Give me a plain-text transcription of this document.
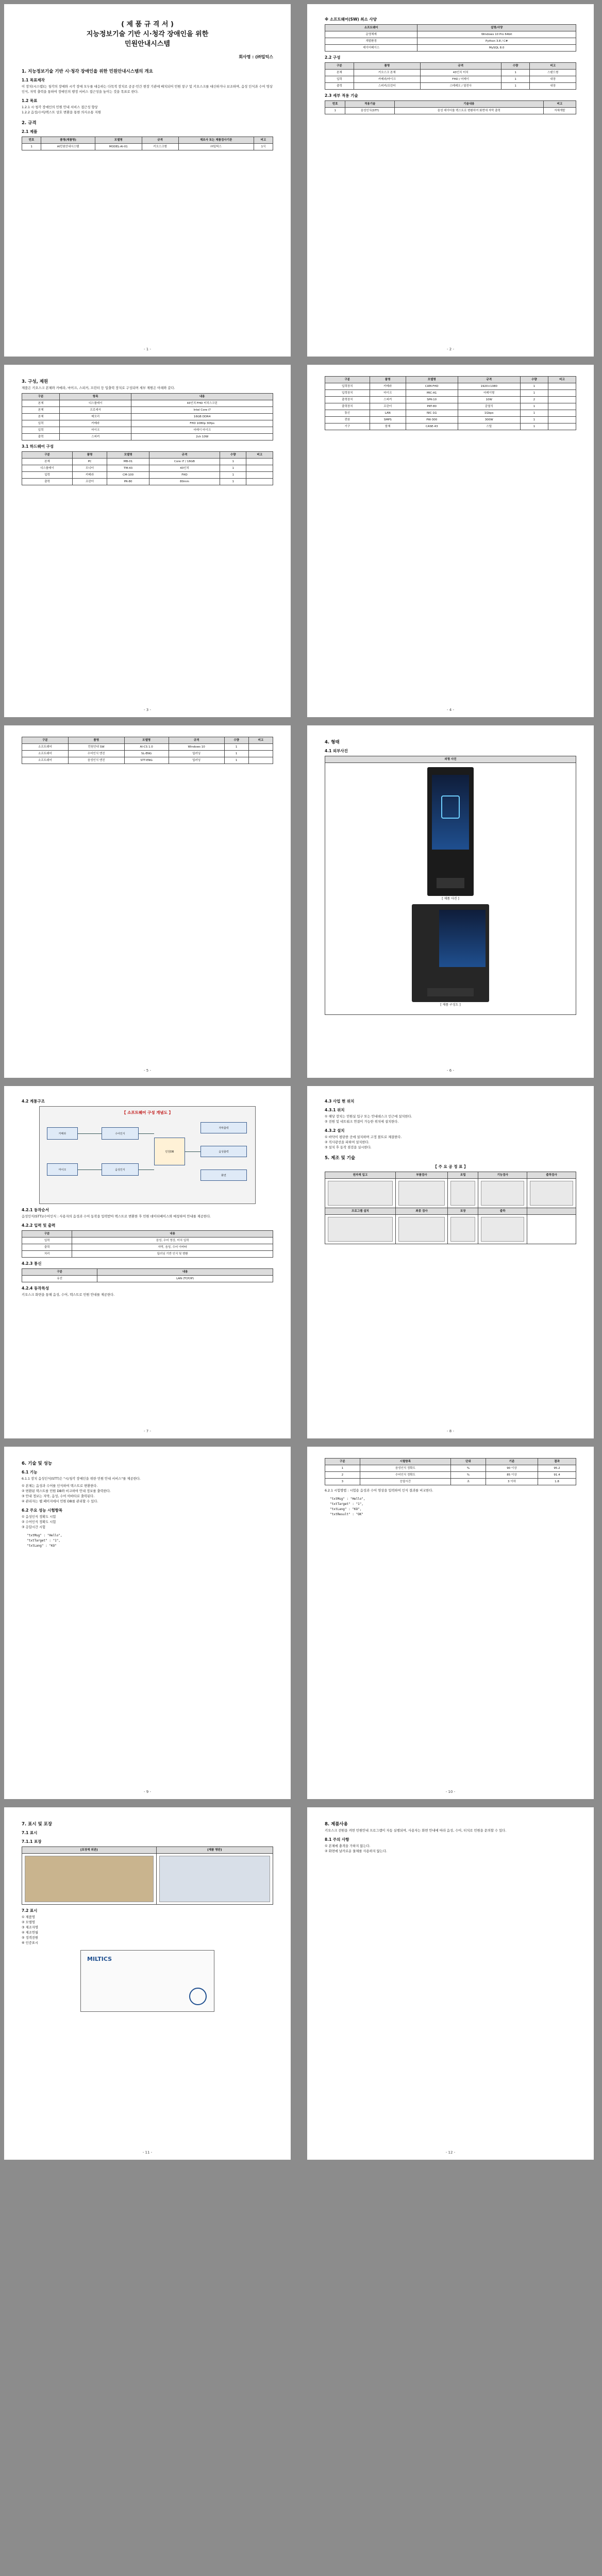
( 제 품 규 격 서 )
지능정보기술 기반 시·청각 장애인을 위한
민원안내시스템
회사명 : (㈜밀틱스
1. 지능정보기술 기반 시·청각 장애인을 위한 민원안내시스템의 개요
1.1 목표제작
이 장치(시스템)는 청각의 장애와 시각 장애 모두를 대응하는 다목적 장치로 공공·민간 현장 기관에 배치되어 민원 창구 및 키오스크를 대신하거나 보조하며, 음성 인식과 수어 영상 인식, 자막 출력을 통하여 장애인의 행정 서비스 접근성을 높이는 것을 목표로 한다.
1.2 목표
1.2.1 시·청각 장애인의 민원 안내 서비스 접근성 향상
1.2.2 음성/수어/텍스트 상호 변환을 통한 의사소통 지원
2. 규격
2.1 제품
번호	품명(제품명)	모델명	규격	제조사 또는 제품검사기관	비고
1	AI민원안내시스템	MODEL-AI-01	키오스크형	㈜밀틱스	1식
- 1 -
※ 소프트웨어(SW) 최소 사양
소프트웨어	설명/사양
운영체제	Windows 10 Pro 64bit
개발환경	Python 3.8 / C#
데이터베이스	MySQL 8.0
2.2 구성
구분	품명	규격	수량	비고
본체	키오스크 본체	43인치 터치	1	스탠드형
입력	카메라/마이크	FHD / 어레이	1	내장
출력	스피커/프린터	스테레오 / 열전사	1	내장
2.3 세부 적용 기술
번호	적용기술	기술내용	비고
1	음성인식(STT)	음성 데이터를 텍스트로 변환하여 화면에 자막 출력	자체개발
- 2 -
3. 구성, 제원
제품은 키오스크 본체와 카메라, 마이크, 스피커, 프린터 등 입출력 장치로 구성되며 세부 제원은 아래와 같다.
구분	항목	내용
본체	디스플레이	43인치 FHD 터치스크린
본체	프로세서	Intel Core i7
본체	메모리	16GB DDR4
입력	카메라	FHD 1080p 30fps
입력	마이크	어레이 마이크
출력	스피커	2ch 10W
3.1 하드웨어 구성
구분	품명	모델명	규격	수량	비고
본체	PC	MB-01	Core i7 / 16GB	1	
디스플레이	모니터	TM-43	43인치	1	
입력	카메라	CM-100	FHD	1	
출력	프린터	PR-80	80mm	1	
- 3 -
구분	품명	모델명	규격	수량	비고
입력장치	카메라	CAM-FHD	1920×1080	1	
입력장치	마이크	MIC-A1	어레이형	1	
출력장치	스피커	SPK-10	10W	2	
출력장치	프린터	PRT-80	감열식	1	
통신	LAN	NIC-1G	1Gbps	1	
전원	SMPS	PW-300	300W	1	
기구	함체	CASE-43	스틸	1	
- 4 -
구분	품명	모델명	규격	수량	비고
소프트웨어	민원안내 SW	AI-CS 1.0	Windows 10	1	
소프트웨어	수어인식 엔진	SL-ENG	딥러닝	1	
소프트웨어	음성인식 엔진	STT-ENG	딥러닝	1	
- 5 -
4. 형태
4.1 외부사진
외형 사진

[ 제품 사진 ]
[ 제품 구성도 ]
- 6 -
4.2 계통구조
【 소프트웨어 구성 개념도 】
카메라
마이크
수어인식
음성인식
민원DB
자막출력
음성출력
화면
4.2.1 동작순서
음성인식(STT)/수어인식 : 사용자의 음성과 수어 동작을 입력받아 텍스트로 변환한 후 민원 데이터베이스와 매칭하여 안내를 제공한다.
4.2.2 입력 및 출력
구분	내용
입력	음성, 수어 영상, 터치 입력
출력	자막, 음성, 수어 아바타
처리	딥러닝 기반 인식 및 변환
4.2.3 통신
구분	내용
유선	LAN (TCP/IP)
4.2.4 동작특성
키오스크 화면을 통해 음성, 수어, 텍스트로 민원 안내를 제공한다.
- 7 -
4.3 사업 현 위치
4.3.1 위치
① 해당 장치는 민원실 입구 또는 안내데스크 인근에 설치한다.
② 전원 및 네트워크 연결이 가능한 위치에 설치한다.
4.3.2 설치
① 바닥이 평탄한 곳에 설치하며 고정 볼트로 체결한다.
② 직사광선을 피하여 설치한다.
③ 설치 후 동작 점검을 실시한다.
5. 제조 및 기술
【 주 요 공 정 표 】
원자재 입고	부품검사	조립	기능검사	출하검사

프로그램 설치	최종 검사	포장	출하	

- 8 -
6. 기술 및 성능
6.1 기능
6.1.1 장치 음성인식(STT)은 "시/청각 장애인을 위한 민원 안내 서비스"를 제공한다.
① 본체는 음성과 수어를 인식하여 텍스트로 변환한다.
② 변환된 텍스트를 민원 DB와 비교하여 안내 정보를 출력한다.
③ 안내 정보는 자막, 음성, 수어 아바타로 출력된다.
④ 관리자는 웹 페이지에서 민원 DB를 관리할 수 있다.
6.2 주요 성능 시험항목
① 음성인식 정확도 시험
② 수어인식 정확도 시험
③ 응답시간 시험
"txtMsg" : "Hello",
"txtTarget" : "1",
"txtLang" : "KO"
- 9 -
구분	시험항목	단위	기준	결과
1	음성인식 정확도	%	90 이상	95.2
2	수어인식 정확도	%	85 이상	91.4
3	응답시간	초	3 이하	1.8
6.2.1 시험방법 : 시험용 음성과 수어 영상을 입력하여 인식 결과를 비교한다.
"txtMsg" : "Hello",
"txtTarget" : "1",
"txtLang" : "KO",
"txtResult" : "OK"
- 10 -
7. 표시 및 포장
7.1 표시
7.1.1 포장
[포장재 외관]	[제품 명판]

7.2 표시
① 제품명
② 모델명
③ 제조자명
④ 제조연월
⑤ 정격전원
⑥ 인증표시
MILTICS
- 11 -
8. 제품사용
키오스크 전원을 켜면 민원안내 프로그램이 자동 실행되며, 사용자는 화면 안내에 따라 음성, 수어, 터치로 민원을 문의할 수 있다.
8.1 주의 사항
① 본체에 충격을 가하지 않는다.
② 화면에 날카로운 물체를 사용하지 않는다.
- 12 -
